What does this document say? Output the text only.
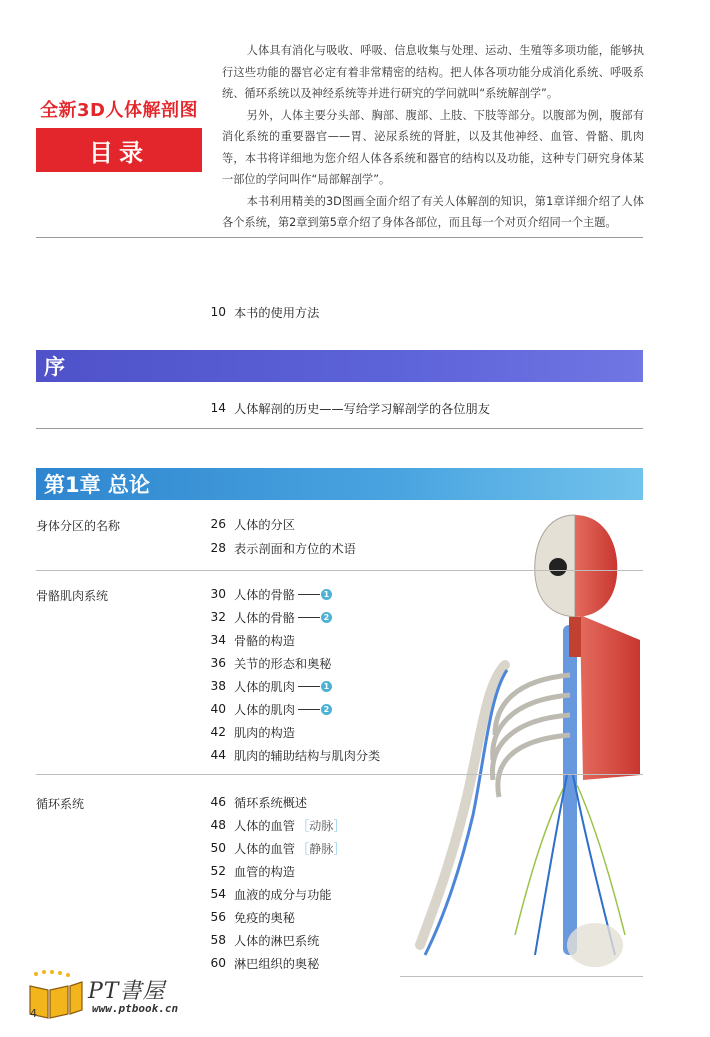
全新3D人体解剖图
目录

人体具有消化与吸收、呼吸、信息收集与处理、运动、生殖等多项功能，能够执行这些功能的器官必定有着非常精密的结构。把人体各项功能分成消化系统、呼吸系统、循环系统以及神经系统等并进行研究的学问就叫“系统解剖学”。

另外，人体主要分头部、胸部、腹部、上肢、下肢等部分。以腹部为例，腹部有消化系统的重要器官——胃、泌尿系统的肾脏，以及其他神经、血管、骨骼、肌肉等，本书将详细地为您介绍人体各系统和器官的结构以及功能，这种专门研究身体某一部位的学问叫作“局部解剖学”。

本书利用精美的3D图画全面介绍了有关人体解剖的知识，第1章详细介绍了人体各个系统，第2章到第5章介绍了身体各部位，而且每一个对页介绍同一个主题。

10 本书的使用方法
序
14 人体解剖的历史——写给学习解剖学的各位朋友
第1章 总论
身体分区的名称	26 人体的分区
28 表示剖面和方位的术语
骨骼肌肉系统	30 人体的骨骼	1
32 人体的骨骼	2
34 骨骼的构造
36 关节的形态和奥秘
38 人体的肌肉	1
40 人体的肌肉	2
42 肌肉的构造
44 肌肉的辅助结构与肌肉分类
循环系统	46 循环系统概述
48 人体的血管 ［动脉］
50 人体的血管 ［静脉］
52 血管的构造
54 血液的成分与功能
56 免疫的奥秘
58 人体的淋巴系统
60 淋巴组织的奥秘
PT書屋
www.ptbook.cn
4
